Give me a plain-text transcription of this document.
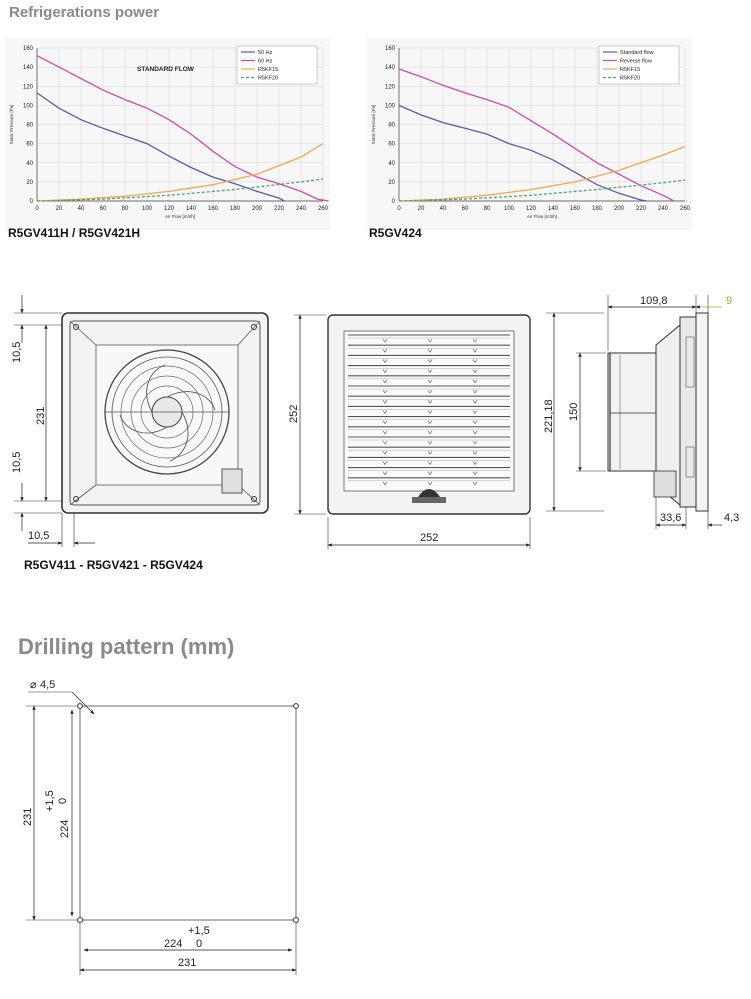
Refrigerations power
0	20	40	60	80 100 120 140 160 180 200 220 240 260
0
20
40
60
80
100
120
140
160
Air Flow [m3/h]
Static Pressure [Pa]
50 Hz
60 Hz
R5KF15
R5KF20
STANDARD FLOW
R5GV411H / R5GV421H
0	20	40	60	80 100 120 140 160 180 200 220 240 260
0
20
40
60
80
100
120
140
160
Air Flow [m3/h]
Static Pressure [Pa]
Standard flow
Reverse flow
R5KF15
R5KF20
R5GV424
10,5
231
10,5
10,5
252
252
109,8	9
221,18 150
33,6	4,3
R5GV411 - R5GV421 - R5GV424
Drilling pattern (mm)
⌀ 4,5
231
224
+1,5 0
224
+1,5
0
231
